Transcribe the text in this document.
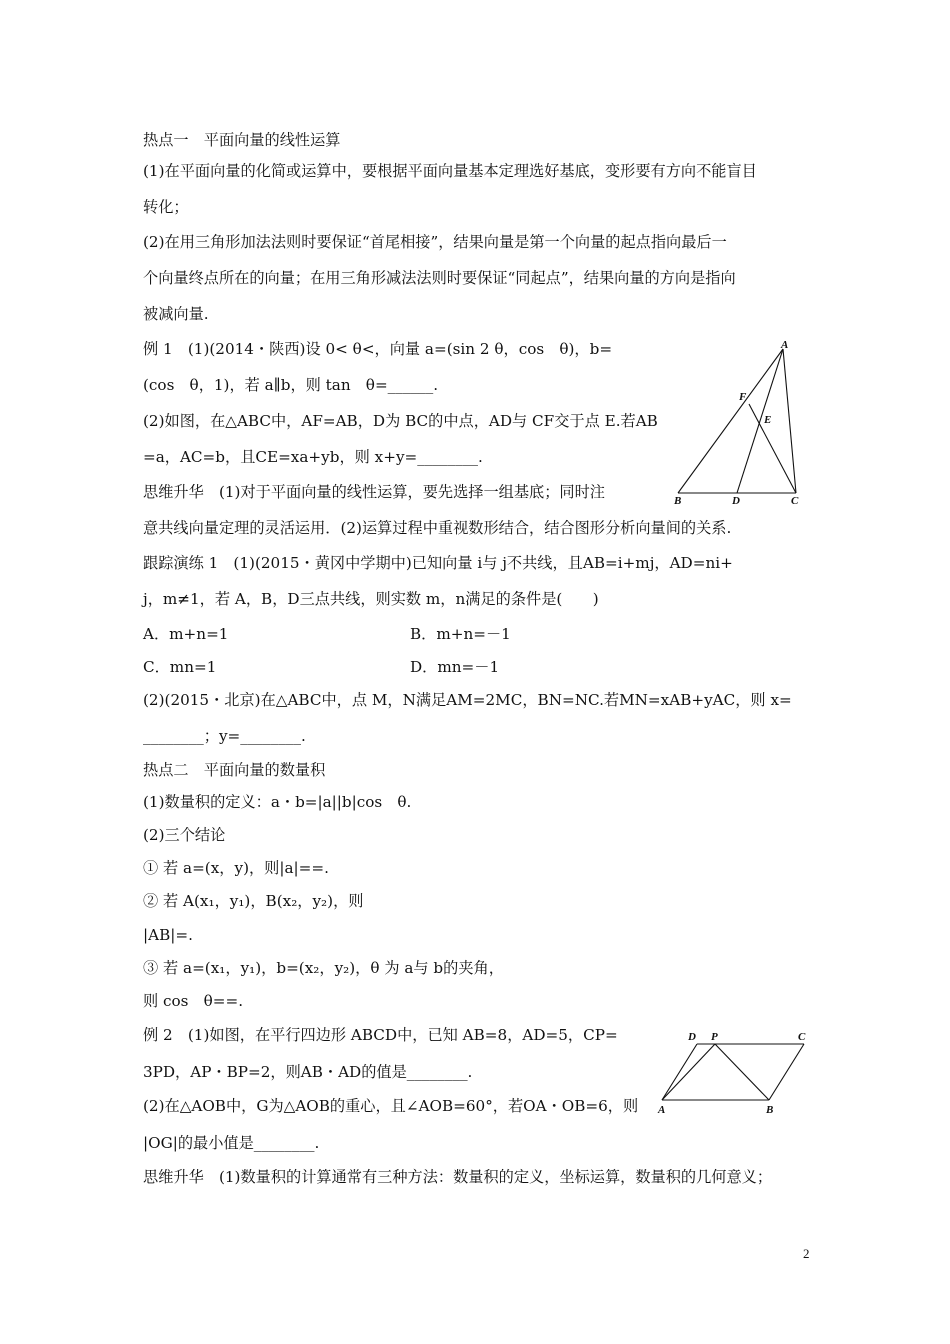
热点一　平面向量的线性运算
(1)在平面向量的化简或运算中，要根据平面向量基本定理选好基底，变形要有方向不能盲目
转化；
(2)在用三角形加法法则时要保证“首尾相接”，结果向量是第一个向量的起点指向最后一
个向量终点所在的向量；在用三角形减法法则时要保证“同起点”，结果向量的方向是指向
被减向量.
例 1　(1)(2014・陕西)设 0< θ<，向量 a=(sin 2 θ，cos　θ)，b=
(cos　θ，1)，若 a∥b，则 tan　θ=______.
(2)如图，在△ABC中，AF=AB，D为 BC的中点，AD与 CF交于点 E.若AB
=a，AC=b，且CE=xa+yb，则 x+y=________.
思维升华　(1)对于平面向量的线性运算，要先选择一组基底；同时注
意共线向量定理的灵活运用．(2)运算过程中重视数形结合，结合图形分析向量间的关系.
跟踪演练 1　(1)(2015・黄冈中学期中)已知向量 i与 j不共线，且AB=i+mj，AD=ni+
j，m≠1，若 A，B，D三点共线，则实数 m，n满足的条件是(　　)
A．m+n=1	B．m+n=－1
C．mn=1	D．mn=－1
(2)(2015・北京)在△ABC中，点 M，N满足AM=2MC，BN=NC.若MN=xAB+yAC，则 x=
________；y=________.
热点二　平面向量的数量积
(1)数量积的定义：a・b=|a||b|cos　θ.
(2)三个结论
① 若 a=(x，y)，则|a|==.
② 若 A(x₁，y₁)，B(x₂，y₂)，则
|AB|=.
③ 若 a=(x₁，y₁)，b=(x₂，y₂)，θ 为 a与 b的夹角，
则 cos　θ==.
例 2　(1)如图，在平行四边形 ABCD中，已知 AB=8，AD=5，CP=
3PD，AP・BP=2，则AB・AD的值是________.
(2)在△AOB中，G为△AOB的重心，且∠AOB=60°，若OA・OB=6，则
|OG|的最小值是________.
思维升华　(1)数量积的计算通常有三种方法：数量积的定义，坐标运算，数量积的几何意义；
A
F
E
B	D	C
D P	C
A	B
2
